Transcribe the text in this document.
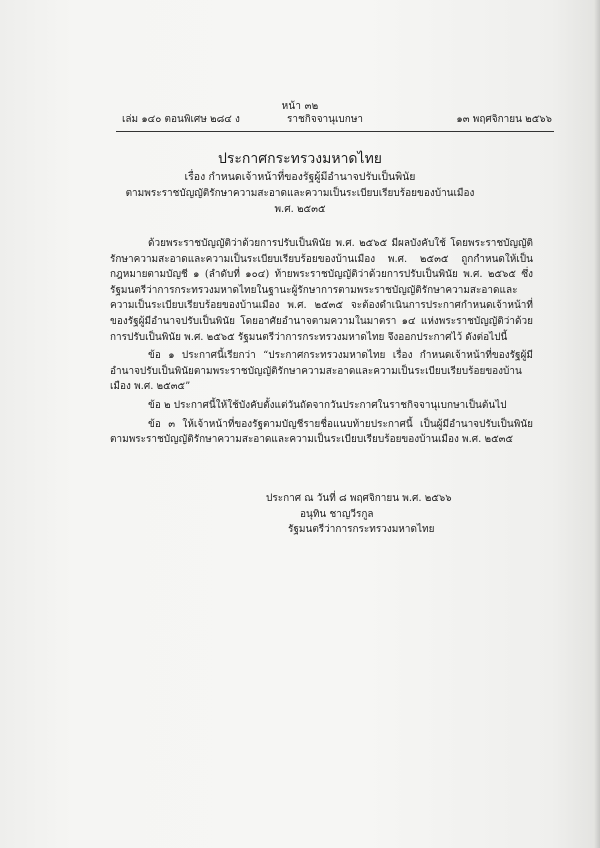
หน้า ๓๒
เล่ม ๑๔๐ ตอนพิเศษ ๒๘๔ ง	ราชกิจจานุเบกษา	๑๓ พฤศจิกายน ๒๕๖๖
ประกาศกระทรวงมหาดไทย
เรื่อง กำหนดเจ้าหน้าที่ของรัฐผู้มีอำนาจปรับเป็นพินัย
ตามพระราชบัญญัติรักษาความสะอาดและความเป็นระเบียบเรียบร้อยของบ้านเมือง
พ.ศ. ๒๕๓๕

ด้วยพระราชบัญญัติว่าด้วยการปรับเป็นพินัย พ.ศ. ๒๕๖๕ มีผลบังคับใช้ โดยพระราชบัญญัติรักษาความสะอาดและความเป็นระเบียบเรียบร้อยของบ้านเมือง พ.ศ. ๒๕๓๕ ถูกกำหนดให้เป็นกฎหมายตามบัญชี ๑ (ลำดับที่ ๑๐๔) ท้ายพระราชบัญญัติว่าด้วยการปรับเป็นพินัย พ.ศ. ๒๕๖๕ ซึ่งรัฐมนตรีว่าการกระทรวงมหาดไทยในฐานะผู้รักษาการตามพระราชบัญญัติรักษาความสะอาดและความเป็นระเบียบเรียบร้อยของบ้านเมือง พ.ศ. ๒๕๓๕ จะต้องดำเนินการประกาศกำหนดเจ้าหน้าที่ของรัฐผู้มีอำนาจปรับเป็นพินัย โดยอาศัยอำนาจตามความในมาตรา ๑๔ แห่งพระราชบัญญัติว่าด้วยการปรับเป็นพินัย พ.ศ. ๒๕๖๕ รัฐมนตรีว่าการกระทรวงมหาดไทย จึงออกประกาศไว้ ดังต่อไปนี้

ข้อ ๑ ประกาศนี้เรียกว่า “ประกาศกระทรวงมหาดไทย เรื่อง กำหนดเจ้าหน้าที่ของรัฐผู้มีอำนาจปรับเป็นพินัยตามพระราชบัญญัติรักษาความสะอาดและความเป็นระเบียบเรียบร้อยของบ้านเมือง พ.ศ. ๒๕๓๕”

ข้อ ๒ ประกาศนี้ให้ใช้บังคับตั้งแต่วันถัดจากวันประกาศในราชกิจจานุเบกษาเป็นต้นไป

ข้อ ๓ ให้เจ้าหน้าที่ของรัฐตามบัญชีรายชื่อแนบท้ายประกาศนี้ เป็นผู้มีอำนาจปรับเป็นพินัยตามพระราชบัญญัติรักษาความสะอาดและความเป็นระเบียบเรียบร้อยของบ้านเมือง พ.ศ. ๒๕๓๕

ประกาศ ณ วันที่ ๘ พฤศจิกายน พ.ศ. ๒๕๖๖
อนุทิน ชาญวีรกูล
รัฐมนตรีว่าการกระทรวงมหาดไทย
